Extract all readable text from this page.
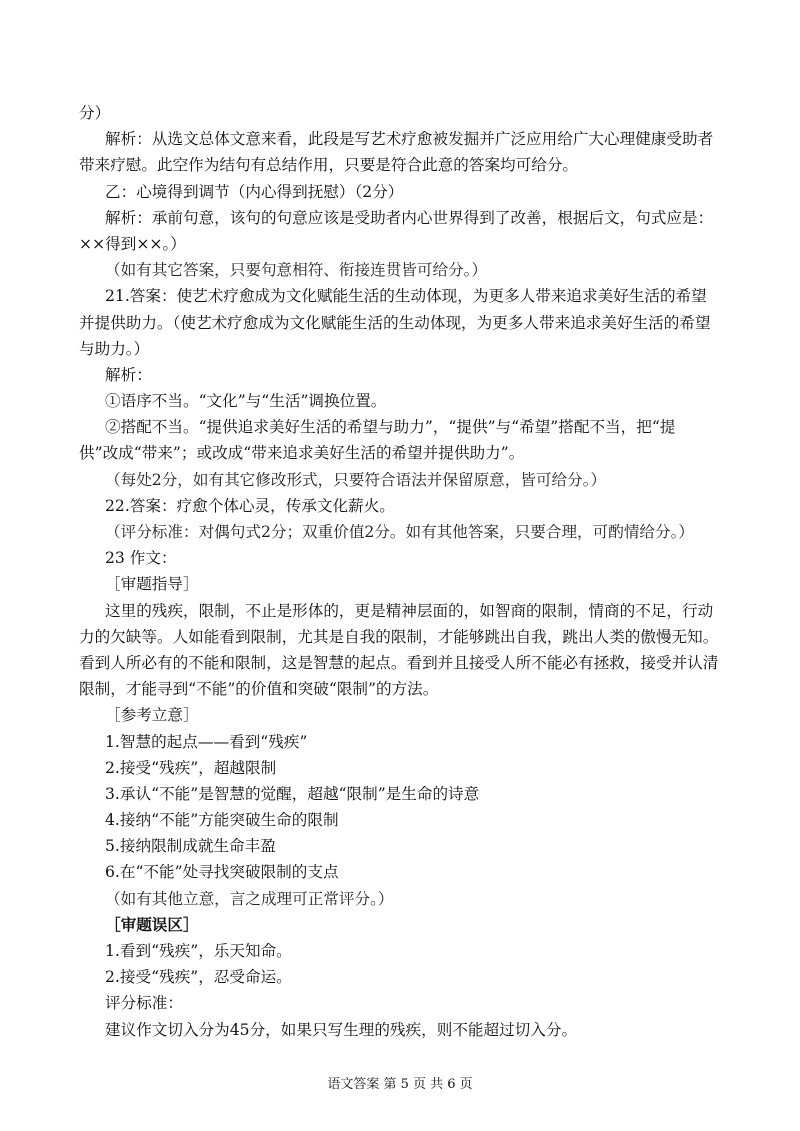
分）
解析：从选文总体文意来看，此段是写艺术疗愈被发掘并广泛应用给广大心理健康受助者
带来疗慰。此空作为结句有总结作用，只要是符合此意的答案均可给分。
乙：心境得到调节（内心得到抚慰）（2分）
解析：承前句意，该句的句意应该是受助者内心世界得到了改善，根据后文，句式应是：
××得到××。）
（如有其它答案，只要句意相符、衔接连贯皆可给分。）
21.答案：使艺术疗愈成为文化赋能生活的生动体现，为更多人带来追求美好生活的希望
并提供助力。（使艺术疗愈成为文化赋能生活的生动体现，为更多人带来追求美好生活的希望
与助力。）
解析：
①语序不当。“文化”与“生活”调换位置。
②搭配不当。“提供追求美好生活的希望与助力”，“提供”与“希望”搭配不当，把“提
供”改成“带来”；或改成“带来追求美好生活的希望并提供助力”。
（每处2分，如有其它修改形式，只要符合语法并保留原意，皆可给分。）
22.答案：疗愈个体心灵，传承文化薪火。
（评分标准：对偶句式2分；双重价值2分。如有其他答案，只要合理，可酌情给分。）
23 作文：
［审题指导］
这里的残疾，限制，不止是形体的，更是精神层面的，如智商的限制，情商的不足，行动
力的欠缺等。人如能看到限制，尤其是自我的限制，才能够跳出自我，跳出人类的傲慢无知。
看到人所必有的不能和限制，这是智慧的起点。看到并且接受人所不能必有拯救，接受并认清
限制，才能寻到“不能”的价值和突破“限制”的方法。
［参考立意］
1.智慧的起点——看到“残疾”
2.接受“残疾”，超越限制
3.承认“不能”是智慧的觉醒，超越“限制”是生命的诗意
4.接纳“不能”方能突破生命的限制
5.接纳限制成就生命丰盈
6.在“不能”处寻找突破限制的支点
（如有其他立意，言之成理可正常评分。）
［审题误区］
1.看到“残疾”，乐天知命。
2.接受“残疾”，忍受命运。
评分标准：
建议作文切入分为45分，如果只写生理的残疾，则不能超过切入分。
语文答案 第 5 页 共 6 页
